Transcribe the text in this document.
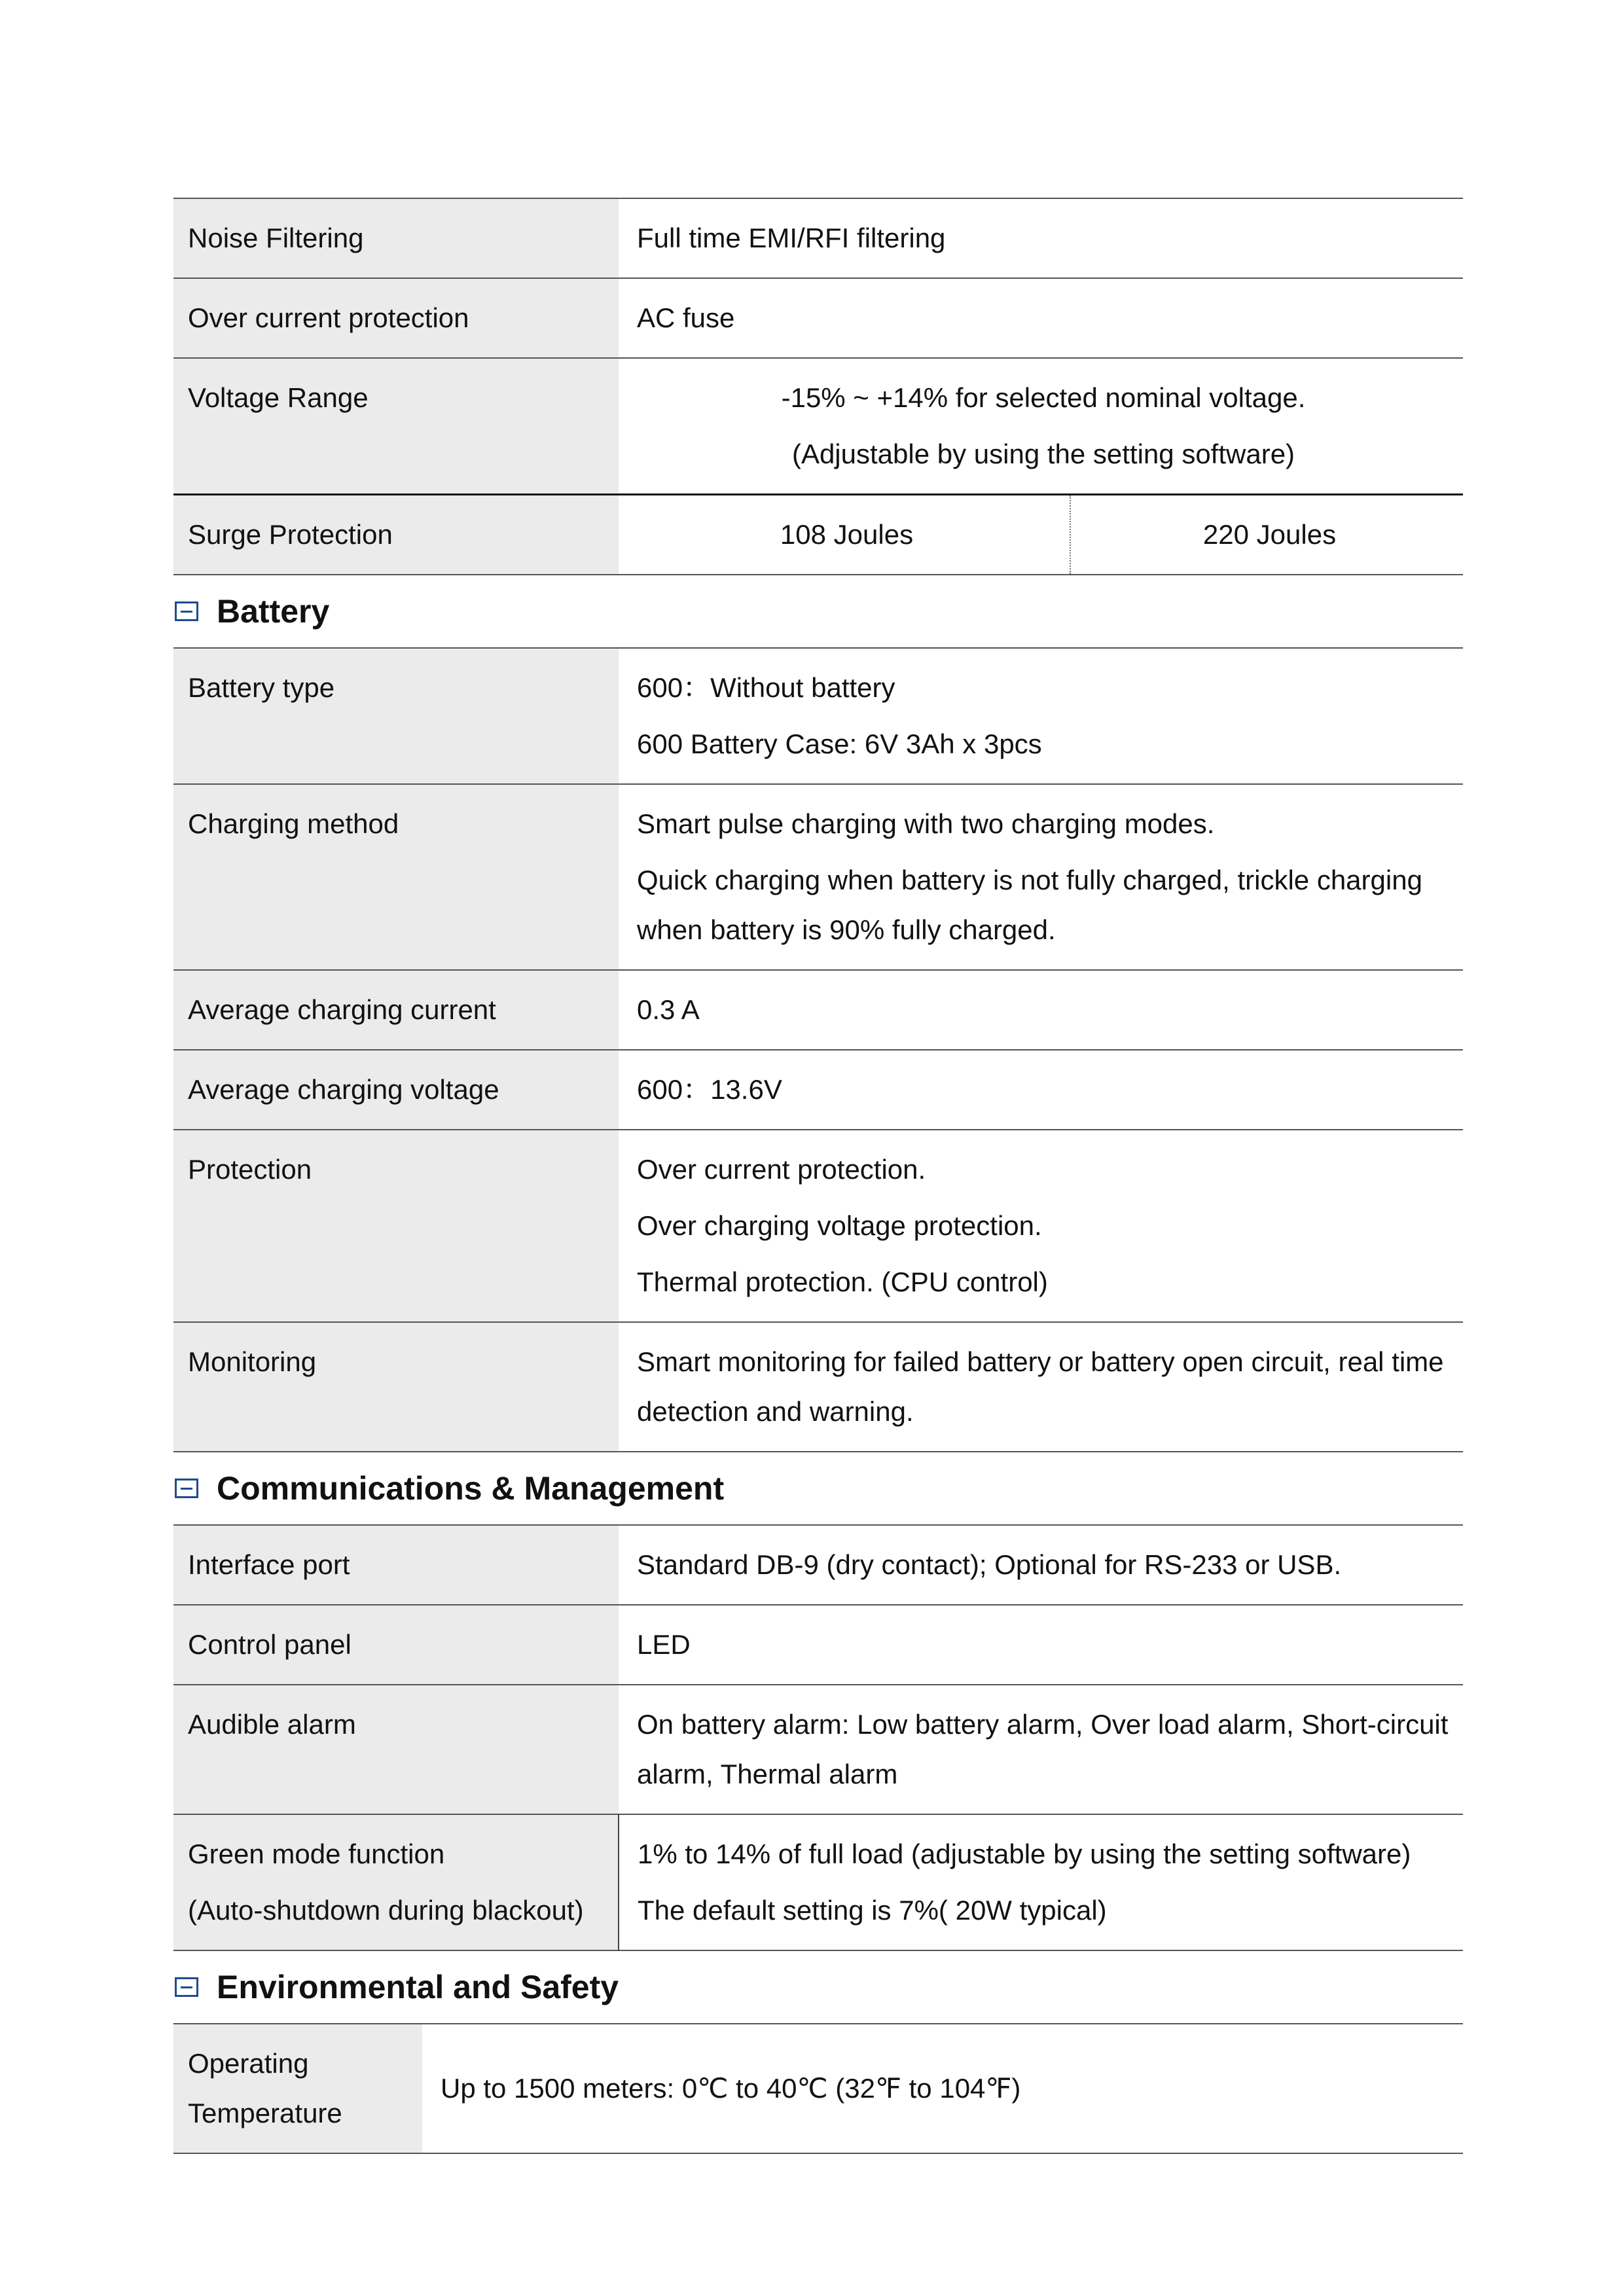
Noise Filtering	Full time EMI/RFI filtering	
Over current protection	AC fuse	
Voltage Range	-15% ~ +14% for selected nominal voltage.
(Adjustable by using the setting software)	

Surge Protection	108 Joules	220 Joules
Battery
Battery type	600：Without battery
600 Battery Case: 6V 3Ah x 3pcs

Charging method	Smart pulse charging with two charging modes.
Quick charging when battery is not fully charged, trickle charging when battery is 90% fully charged.

Average charging current	0.3 A
Average charging voltage	600：13.6V
Protection	Over current protection.
Over charging voltage protection.
Thermal protection. (CPU control)

Monitoring	Smart monitoring for failed battery or battery open circuit, real time detection and warning.
Communications & Management
Interface port	Standard DB-9 (dry contact); Optional for RS-233 or USB.
Control panel	LED
Audible alarm	On battery alarm: Low battery alarm, Over load alarm, Short-circuit alarm, Thermal alarm

Green mode function
(Auto-shutdown during blackout)	1% to 14% of full load (adjustable by using the setting software)
The default setting is 7%( 20W typical)
Environmental and Safety
Operating Temperature	Up to 1500 meters: 0℃ to 40℃ (32℉ to 104℉)
